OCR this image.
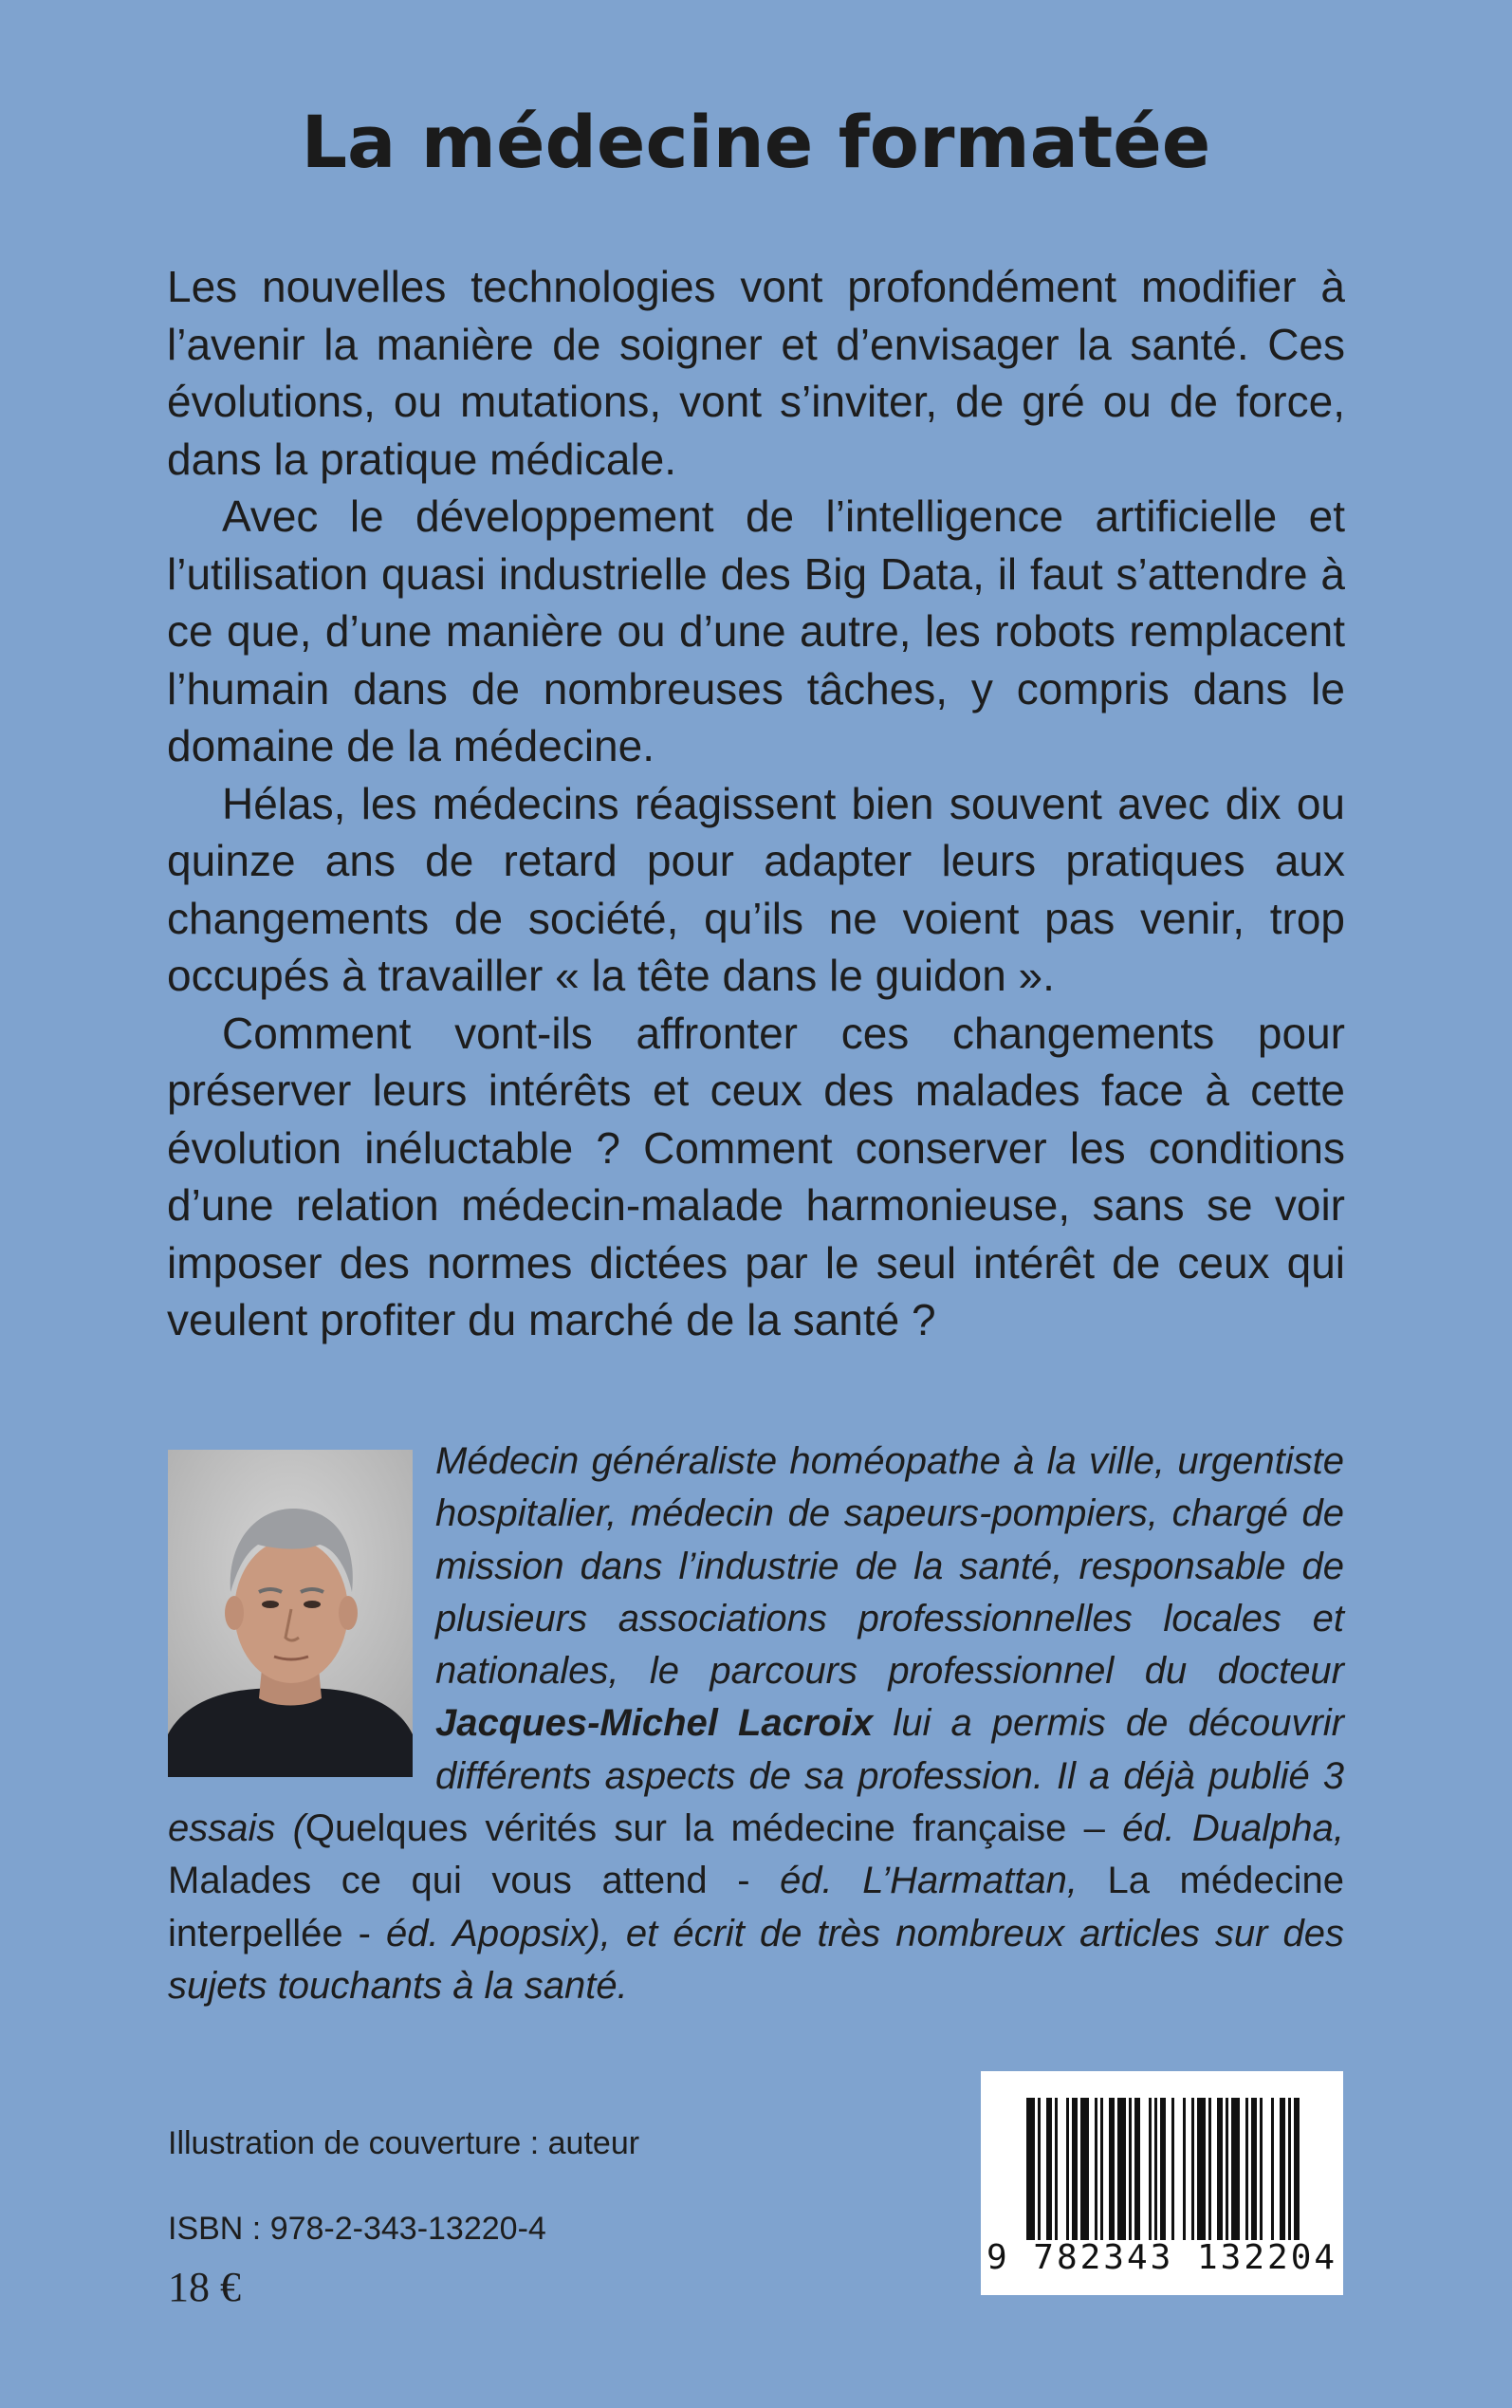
La médecine formatée

Les nouvelles technologies vont profondément modifier à l’avenir la manière de soigner et d’envisager la santé. Ces évolutions, ou mutations, vont s’inviter, de gré ou de force, dans la pratique médicale.

Avec le développement de l’intelligence artificielle et l’utilisation quasi industrielle des Big Data, il faut s’attendre à ce que, d’une manière ou d’une autre, les robots remplacent l’humain dans de nombreuses tâches, y compris dans le domaine de la médecine.

Hélas, les médecins réagissent bien souvent avec dix ou quinze ans de retard pour adapter leurs pratiques aux changements de société, qu’ils ne voient pas venir, trop occupés à travailler « la tête dans le guidon ».

Comment vont-ils affronter ces changements pour préserver leurs intérêts et ceux des malades face à cette évolution inéluctable ? Comment conserver les conditions d’une relation médecin-malade harmonieuse, sans se voir imposer des normes dictées par le seul intérêt de ceux qui veulent profiter du marché de la santé ?

Médecin généraliste homéopathe à la ville, urgentiste hospitalier, médecin de sapeurs-pompiers, chargé de mission dans l’industrie de la santé, responsable de plusieurs associations professionnelles locales et nationales, le parcours professionnel du docteur Jacques-Michel Lacroix lui a permis de découvrir différents aspects de sa profession. Il a déjà publié 3 essais (Quelques vérités sur la médecine française – éd. Dualpha, Malades ce qui vous attend - éd. L’Harmattan, La médecine interpellée - éd. Apopsix), et écrit de très nombreux articles sur des sujets touchants à la santé.

Illustration de couverture : auteur
ISBN : 978-2-343-13220-4
18 €
9 782343 132204
